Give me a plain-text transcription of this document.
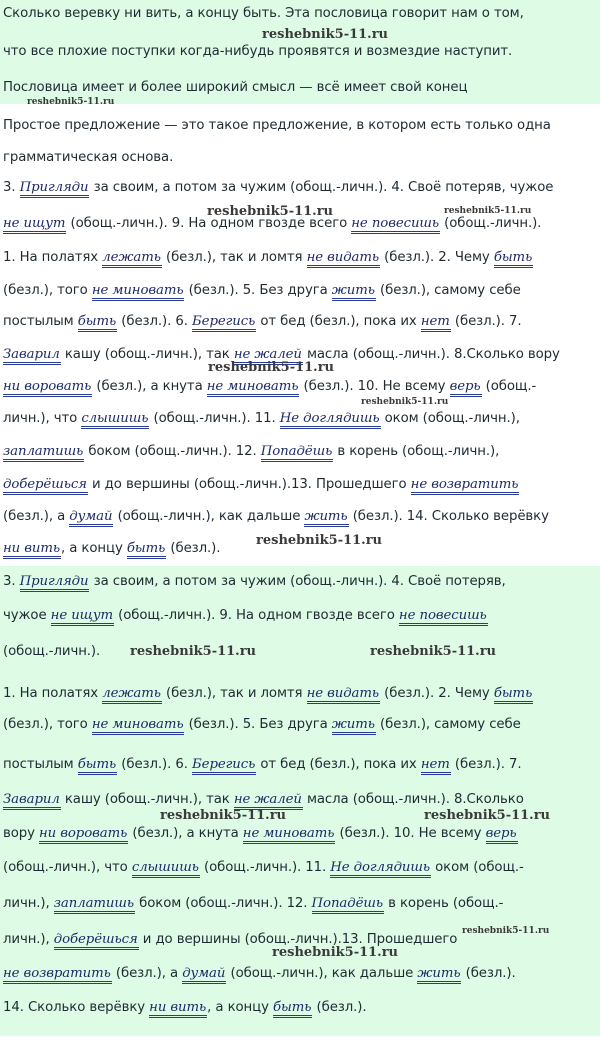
Сколько веревку ни вить, а концу быть. Эта пословица говорит нам о том,
что все плохие поступки когда-нибудь проявятся и возмездие наступит.
Пословица имеет и более широкий смысл — всё имеет свой конец
Простое предложение — это такое предложение, в котором есть только одна
грамматическая основа.
3. Пригляди за своим, а потом за чужим (обощ.-личн.). 4. Своё потеряв, чужое
не ищут (обощ.-личн.). 9. На одном гвозде всего не повесишь (обощ.-личн.).
1. На полатях лежать (безл.), так и ломтя не видать (безл.). 2. Чему быть
(безл.), того не миновать (безл.). 5. Без друга жить (безл.), самому себе
постылым быть (безл.). 6. Берегись от бед (безл.), пока их нет (безл.). 7.
Заварил кашу (обощ.-личн.), так не жалей масла (обощ.-личн.). 8.Сколько вору
ни воровать (безл.), а кнута не миновать (безл.). 10. Не всему верь (обощ.-
личн.), что слышишь (обощ.-личн.). 11. Не доглядишь оком (обощ.-личн.),
заплатишь боком (обощ.-личн.). 12. Попадёшь в корень (обощ.-личн.),
доберёшься и до вершины (обощ.-личн.).13. Прошедшего не возвратить
(безл.), а думай (обощ.-личн.), как дальше жить (безл.). 14. Сколько верёвку
ни вить, а концу быть (безл.).
3. Пригляди за своим, а потом за чужим (обощ.-личн.). 4. Своё потеряв,
чужое не ищут (обощ.-личн.). 9. На одном гвозде всего не повесишь
(обощ.-личн.).
1. На полатях лежать (безл.), так и ломтя не видать (безл.). 2. Чему быть
(безл.), того не миновать (безл.). 5. Без друга жить (безл.), самому себе
постылым быть (безл.). 6. Берегись от бед (безл.), пока их нет (безл.). 7.
Заварил кашу (обощ.-личн.), так не жалей масла (обощ.-личн.). 8.Сколько
вору ни воровать (безл.), а кнута не миновать (безл.). 10. Не всему верь
(обощ.-личн.), что слышишь (обощ.-личн.). 11. Не доглядишь оком (обощ.-
личн.), заплатишь боком (обощ.-личн.). 12. Попадёшь в корень (обощ.-
личн.), доберёшься и до вершины (обощ.-личн.).13. Прошедшего
не возвратить (безл.), а думай (обощ.-личн.), как дальше жить (безл.).
14. Сколько верёвку ни вить, а концу быть (безл.).
reshebnik5-11.ru
reshebnik5-11.ru
reshebnik5-11.ru	reshebnik5-11.ru
reshebnik5-11.ru
reshebnik5-11.ru
reshebnik5-11.ru
reshebnik5-11.ru	reshebnik5-11.ru
reshebnik5-11.ru	reshebnik5-11.ru
reshebnik5-11.ru
reshebnik5-11.ru
